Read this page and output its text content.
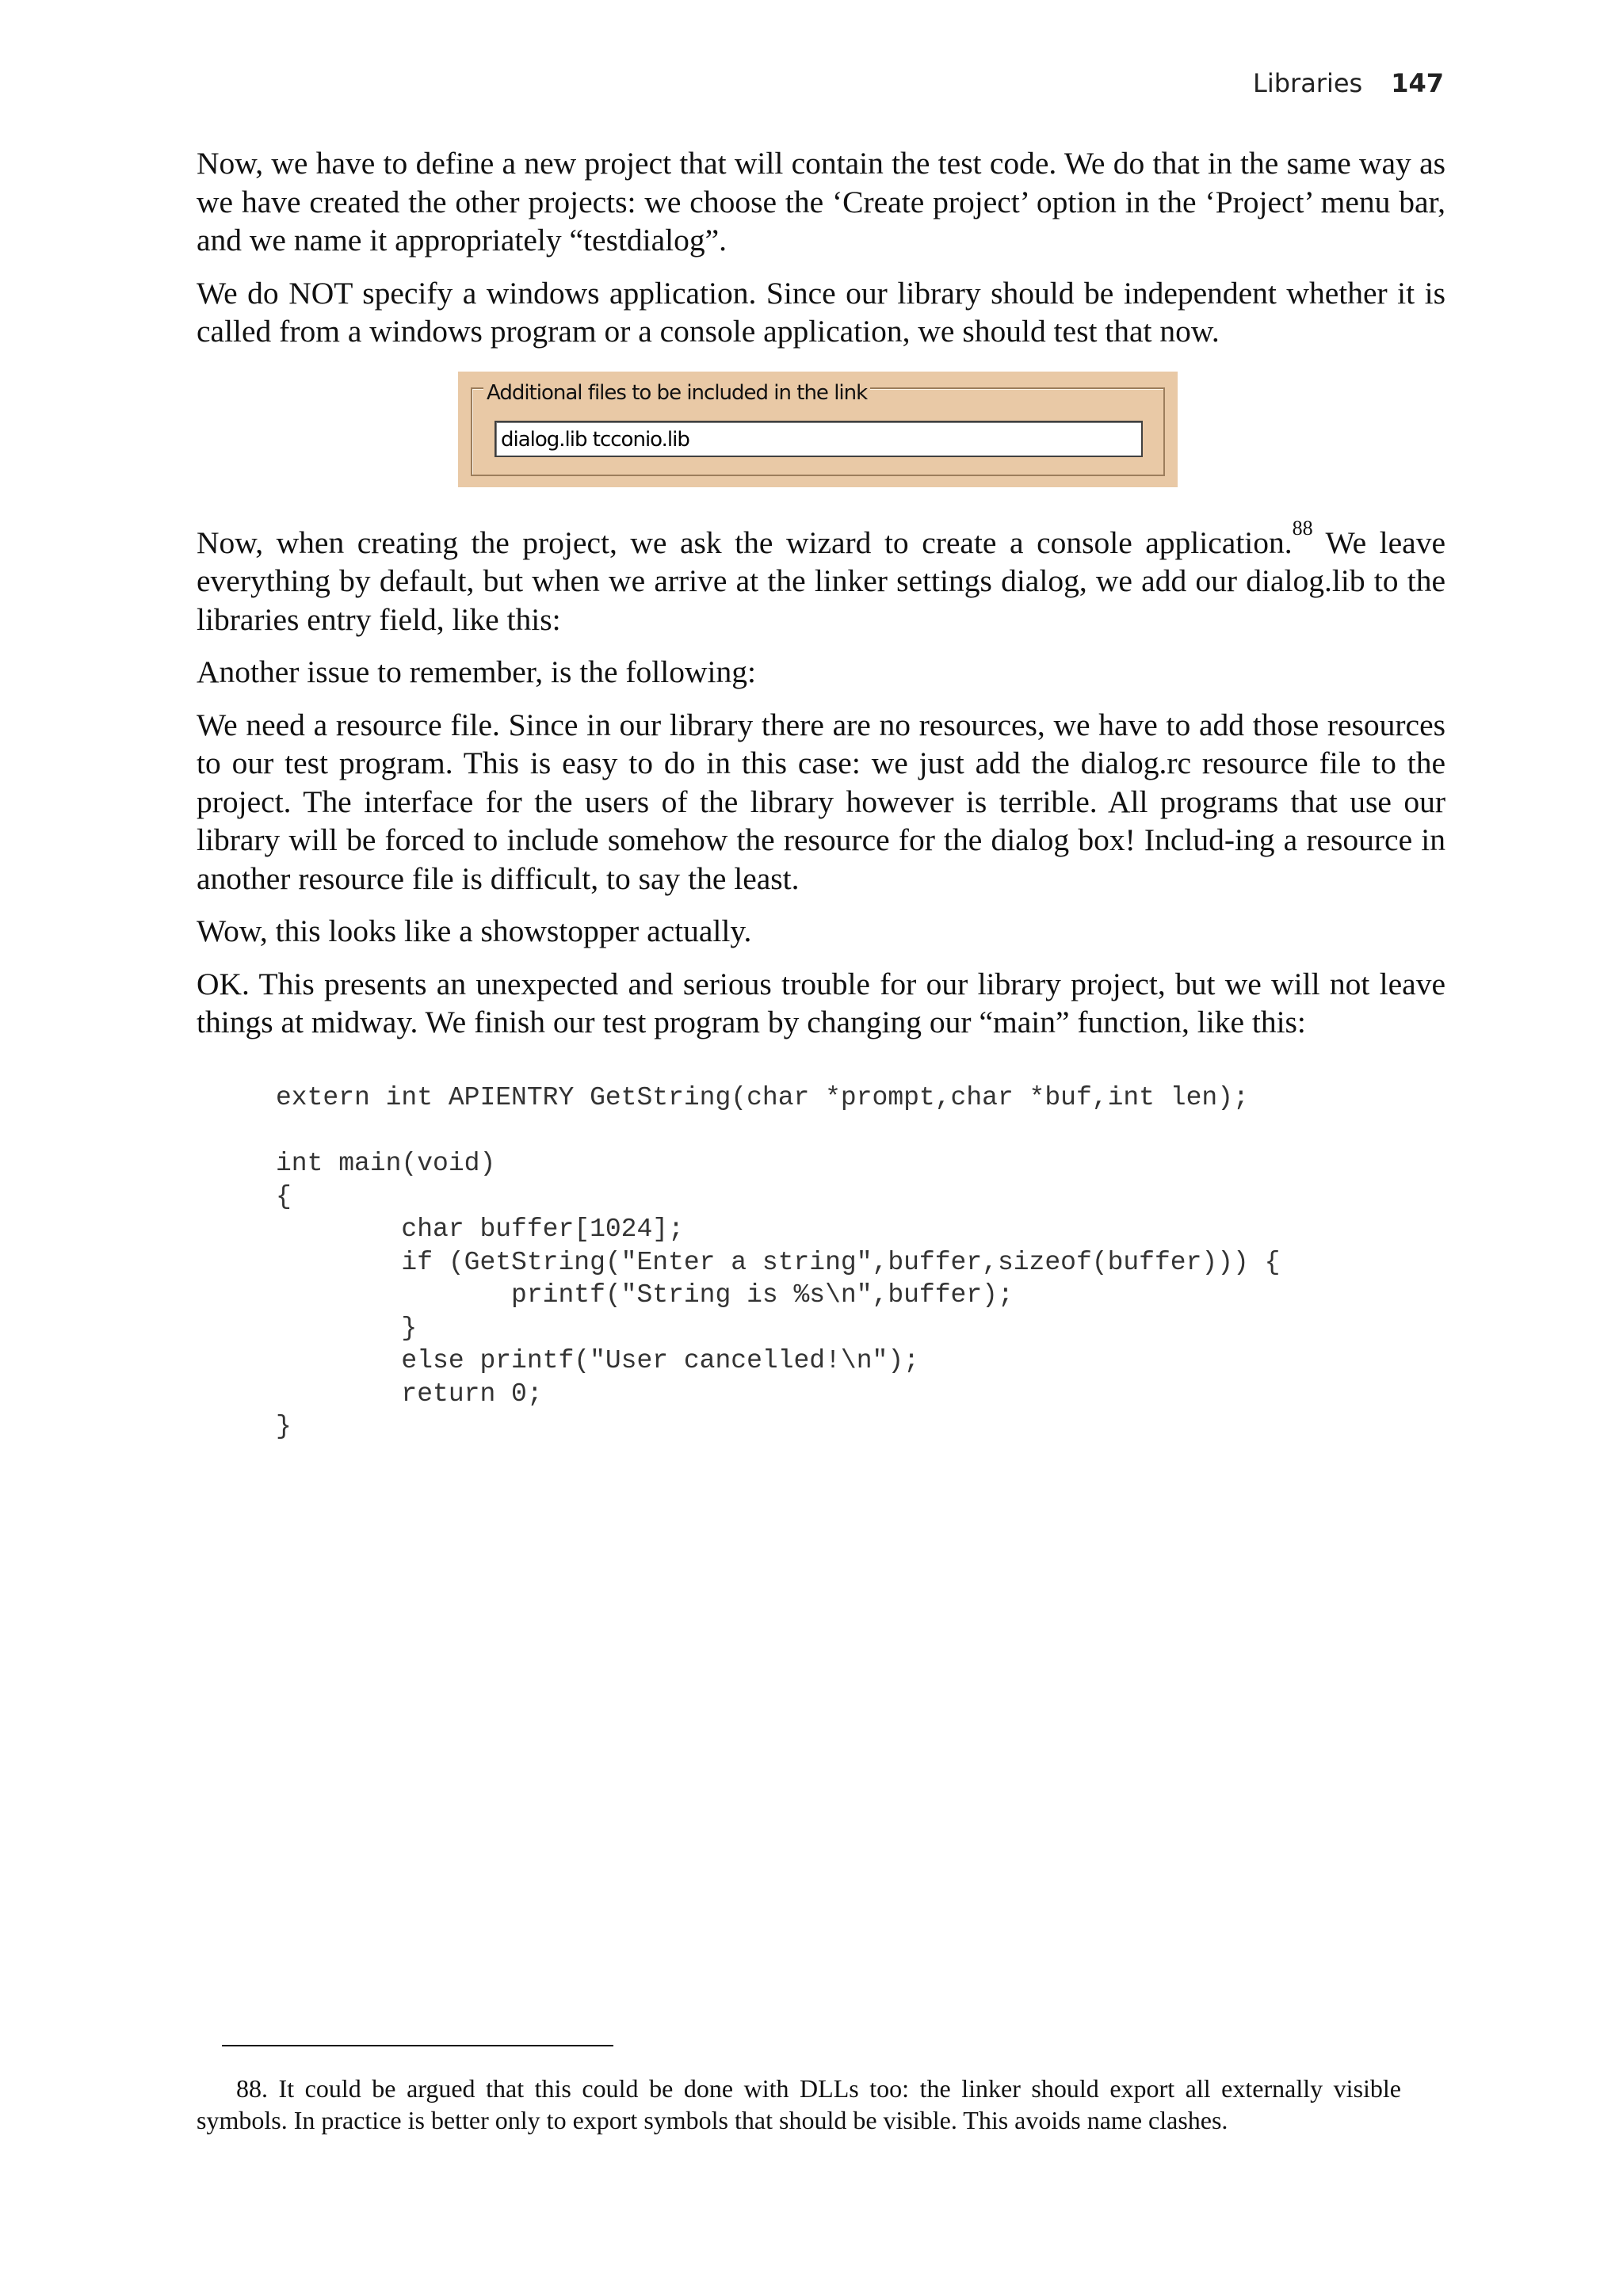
Libraries 147

Now, we have to define a new project that will contain the test code. We do that in the same way as we have created the other projects: we choose the ‘Create project’ option in the ‘Project’ menu bar, and we name it appropriately “testdialog”.

We do NOT specify a windows application. Since our library should be independent whether it is called from a windows program or a console application, we should test that now.

Additional files to be included in the link
dialog.lib tcconio.lib

Now, when creating the project, we ask the wizard to create a console application.$^{88}$ We leave everything by default, but when we arrive at the linker settings dialog, we add our dialog.lib to the libraries entry field, like this:

Another issue to remember, is the following:

We need a resource file. Since in our library there are no resources, we have to add those resources to our test program. This is easy to do in this case: we just add the dialog.rc resource file to the project. The interface for the users of the library however is terrible. All programs that use our library will be forced to include somehow the resource for the dialog box! Includ-ing a resource in another resource file is difficult, to say the least.

Wow, this looks like a showstopper actually.

OK. This presents an unexpected and serious trouble for our library project, but we will not leave things at midway. We finish our test program by changing our “main” function, like this:

extern int APIENTRY GetString(char *prompt,char *buf,int len);

int main(void)
{
char buffer[1024];
if (GetString("Enter a string",buffer,sizeof(buffer))) {
printf("String is %s\n",buffer);
}
else printf("User cancelled!\n");
return 0;
}
88. It could be argued that this could be done with DLLs too: the linker should export all externally visible symbols. In practice is better only to export symbols that should be visible. This avoids name clashes.
